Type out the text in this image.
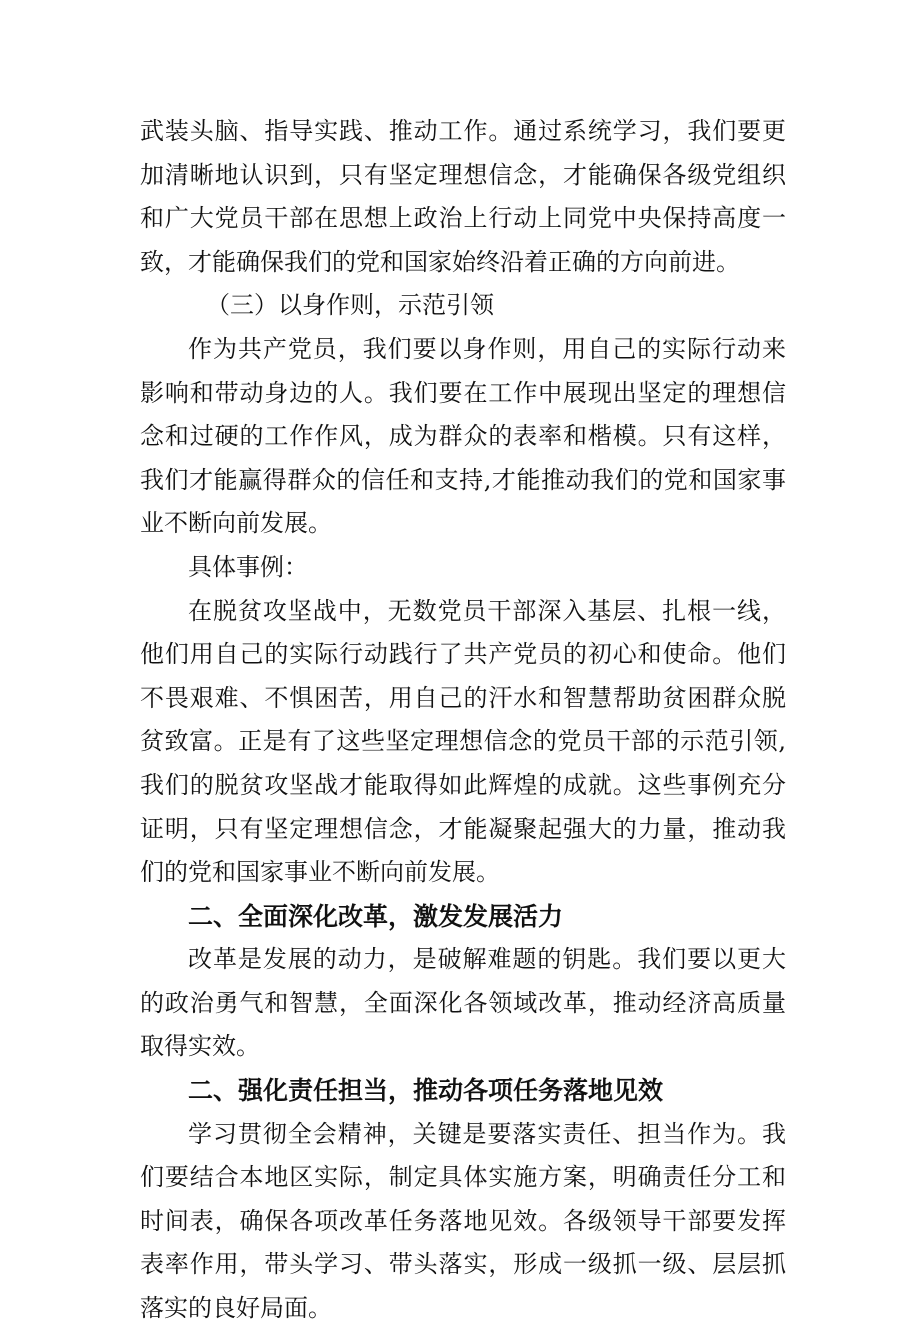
武装头脑、指导实践、推动工作。通过系统学习，我们要更加清晰地认识到，只有坚定理想信念，才能确保各级党组织和广大党员干部在思想上政治上行动上同党中央保持高度一致，才能确保我们的党和国家始终沿着正确的方向前进。

（三）以身作则，示范引领

作为共产党员，我们要以身作则，用自己的实际行动来影响和带动身边的人。我们要在工作中展现出坚定的理想信念和过硬的工作作风，成为群众的表率和楷模。只有这样，我们才能赢得群众的信任和支持,才能推动我们的党和国家事业不断向前发展。

具体事例：

在脱贫攻坚战中，无数党员干部深入基层、扎根一线，他们用自己的实际行动践行了共产党员的初心和使命。他们不畏艰难、不惧困苦，用自己的汗水和智慧帮助贫困群众脱贫致富。正是有了这些坚定理想信念的党员干部的示范引领,我们的脱贫攻坚战才能取得如此辉煌的成就。这些事例充分证明，只有坚定理想信念，才能凝聚起强大的力量，推动我们的党和国家事业不断向前发展。

二、全面深化改革，激发发展活力

改革是发展的动力，是破解难题的钥匙。我们要以更大的政治勇气和智慧，全面深化各领域改革，推动经济高质量取得实效。

二、强化责任担当，推动各项任务落地见效

学习贯彻全会精神，关键是要落实责任、担当作为。我们要结合本地区实际，制定具体实施方案，明确责任分工和时间表，确保各项改革任务落地见效。各级领导干部要发挥表率作用，带头学习、带头落实，形成一级抓一级、层层抓落实的良好局面。
